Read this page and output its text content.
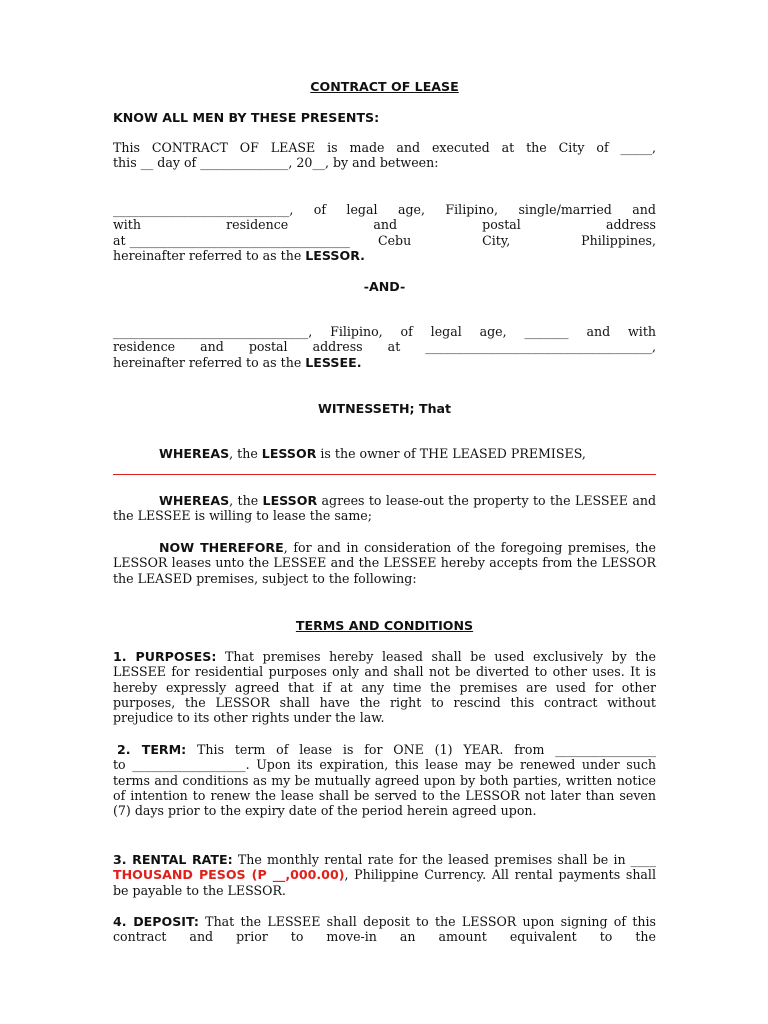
CONTRACT OF LEASE
KNOW ALL MEN BY THESE PRESENTS:
This CONTRACT OF LEASE is made and executed at the City of _____,
this __ day of ______________, 20__, by and between:
____________________________, of legal age, Filipino, single/married and
with residence and postal address
at ___________________________________ Cebu City, Philippines,
hereinafter referred to as the LESSOR.
-AND-
_______________________________, Filipino, of legal age, _______ and with
residence and postal address at ____________________________________,
hereinafter referred to as the LESSEE.
WITNESSETH; That
WHEREAS, the LESSOR is the owner of THE LEASED PREMISES,
WHEREAS, the LESSOR agrees to lease-out the property to the LESSEE and the LESSEE is willing to lease the same;
NOW THEREFORE, for and in consideration of the foregoing premises, the LESSOR leases unto the LESSEE and the LESSEE hereby accepts from the LESSOR the LEASED premises, subject to the following:
TERMS AND CONDITIONS
1. PURPOSES: That premises hereby leased shall be used exclusively by the LESSEE for residential purposes only and shall not be diverted to other uses. It is hereby expressly agreed that if at any time the premises are used for other purposes, the LESSOR shall have the right to rescind this contract without prejudice to its other rights under the law.
2. TERM: This term of lease is for ONE (1) YEAR. from ________________
to __________________. Upon its expiration, this lease may be renewed under such terms and conditions as my be mutually agreed upon by both parties, written notice of intention to renew the lease shall be served to the LESSOR not later than seven (7) days prior to the expiry date of the period herein agreed upon.
3. RENTAL RATE: The monthly rental rate for the leased premises shall be in ____ THOUSAND PESOS (P __,000.00), Philippine Currency. All rental payments shall be payable to the LESSOR.
4. DEPOSIT: That the LESSEE shall deposit to the LESSOR upon signing of this contract and prior to move-in an amount equivalent to the
